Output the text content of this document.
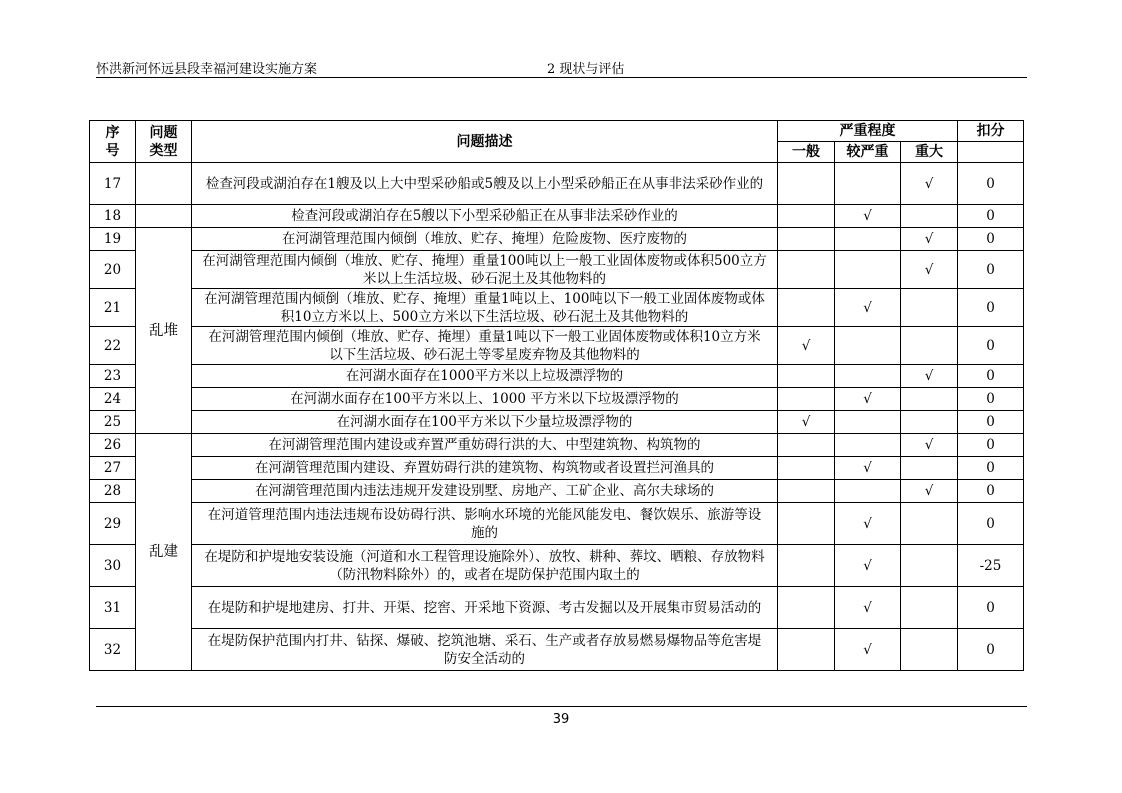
怀洪新河怀远县段幸福河建设实施方案	2 现状与评估
序号	问题类型	问题描述	严重程度			扣分
			一般	较严重	重大	
17		检查河段或湖泊存在1艘及以上大中型采砂船或5艘及以上小型采砂船正在从事非法采砂作业的			√	0
18		检查河段或湖泊存在5艘以下小型采砂船正在从事非法采砂作业的		√		0
19	乱堆	在河湖管理范围内倾倒（堆放、贮存、掩埋）危险废物、医疗废物的			√	0
20		在河湖管理范围内倾倒（堆放、贮存、掩埋）重量100吨以上一般工业固体废物或体积500立方米以上生活垃圾、砂石泥土及其他物料的			√	0
21		在河湖管理范围内倾倒（堆放、贮存、掩埋）重量1吨以上、100吨以下一般工业固体废物或体积10立方米以上、500立方米以下生活垃圾、砂石泥土及其他物料的		√		0
22		在河湖管理范围内倾倒（堆放、贮存、掩埋）重量1吨以下一般工业固体废物或体积10立方米以下生活垃圾、砂石泥土等零星废弃物及其他物料的	√			0
23		在河湖水面存在1000平方米以上垃圾漂浮物的			√	0
24		在河湖水面存在100平方米以上、1000 平方米以下垃圾漂浮物的		√		0
25		在河湖水面存在100平方米以下少量垃圾漂浮物的	√			0
26	乱建	在河湖管理范围内建设或弃置严重妨碍行洪的大、中型建筑物、构筑物的			√	0
27		在河湖管理范围内建设、弃置妨碍行洪的建筑物、构筑物或者设置拦河渔具的		√		0
28		在河湖管理范围内违法违规开发建设别墅、房地产、工矿企业、高尔夫球场的			√	0
29		在河道管理范围内违法违规布设妨碍行洪、影响水环境的光能风能发电、餐饮娱乐、旅游等设施的		√		0
30		在堤防和护堤地安装设施（河道和水工程管理设施除外）、放牧、耕种、葬坟、晒粮、存放物料（防汛物料除外）的，或者在堤防保护范围内取土的		√		-25
31		在堤防和护堤地建房、打井、开渠、挖窖、开采地下资源、考古发掘以及开展集市贸易活动的		√		0
32		在堤防保护范围内打井、钻探、爆破、挖筑池塘、采石、生产或者存放易燃易爆物品等危害堤防安全活动的		√		0
39
